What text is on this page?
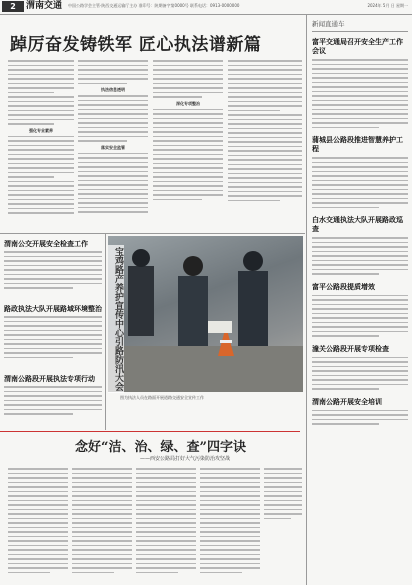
2	渭南交通 中国公路学会主管·陕西交通运输厅主办 准印号：陕期备字第0000号 联系电话：0913-0000000	2024年 5月 日 星期一
踔厉奋发铸铁军 匠心执法谱新篇
强化专业素养
执法信息透明
落实安全监管
深化专项整治
渭南公交开展安全检查工作
路政执法大队开展路域环境整治
渭南公路段开展执法专项行动	宝鸡路产养护宣传中心引路防汛大会
图为执法人员在路面开展道路交通安全宣传工作
念好“洁、治、绿、查”四字诀
——西安公路局打好大气污染防治攻坚战
新闻直通车
富平交通局召开安全生产工作会议
蒲城县公路段推进智慧养护工程
白水交通执法大队开展路政巡查
富平公路段提质增效
潼关公路段开展专项检查
渭南公路开展安全培训
